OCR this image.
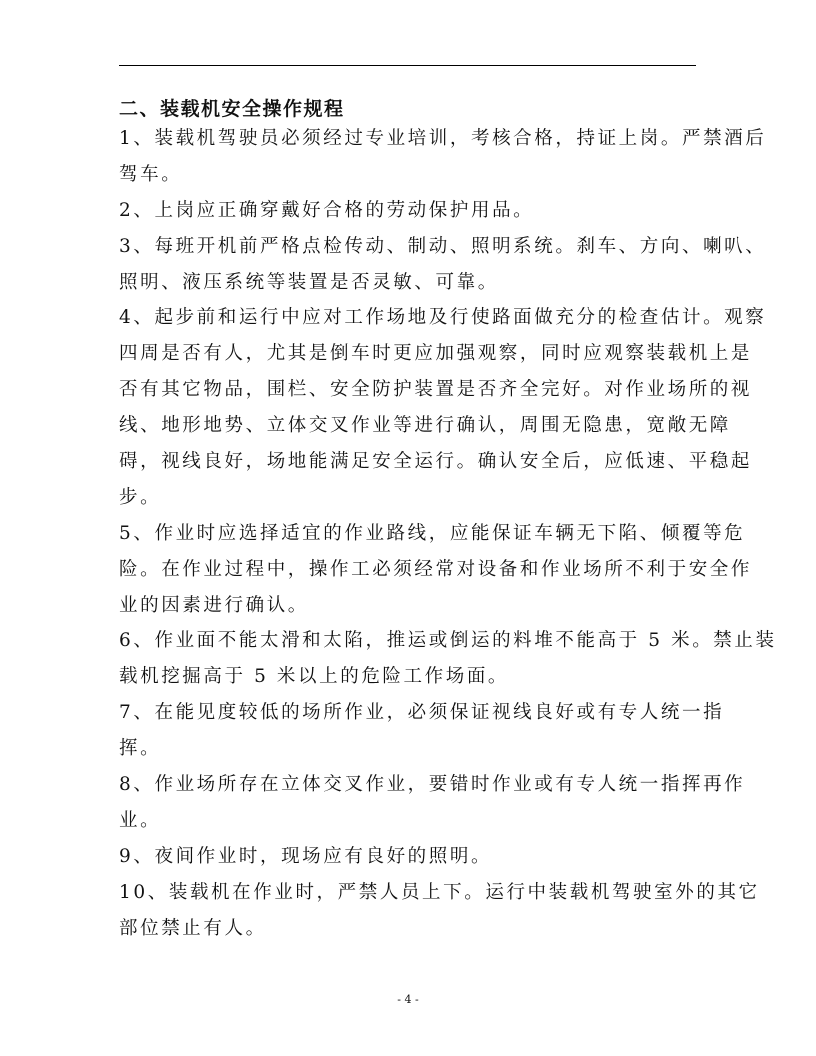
二、装载机安全操作规程
1、装载机驾驶员必须经过专业培训，考核合格，持证上岗。严禁酒后
驾车。
2、上岗应正确穿戴好合格的劳动保护用品。
3、每班开机前严格点检传动、制动、照明系统。刹车、方向、喇叭、
照明、液压系统等装置是否灵敏、可靠。
4、起步前和运行中应对工作场地及行使路面做充分的检查估计。观察
四周是否有人，尤其是倒车时更应加强观察，同时应观察装载机上是
否有其它物品，围栏、安全防护装置是否齐全完好。对作业场所的视
线、地形地势、立体交叉作业等进行确认，周围无隐患，宽敞无障
碍，视线良好，场地能满足安全运行。确认安全后，应低速、平稳起
步。
5、作业时应选择适宜的作业路线，应能保证车辆无下陷、倾覆等危
险。在作业过程中，操作工必须经常对设备和作业场所不利于安全作
业的因素进行确认。
6、作业面不能太滑和太陷，推运或倒运的料堆不能高于 5 米。禁止装
载机挖掘高于 5 米以上的危险工作场面。
7、在能见度较低的场所作业，必须保证视线良好或有专人统一指
挥。
8、作业场所存在立体交叉作业，要错时作业或有专人统一指挥再作
业。
9、夜间作业时，现场应有良好的照明。
10、装载机在作业时，严禁人员上下。运行中装载机驾驶室外的其它
部位禁止有人。
- 4 -
